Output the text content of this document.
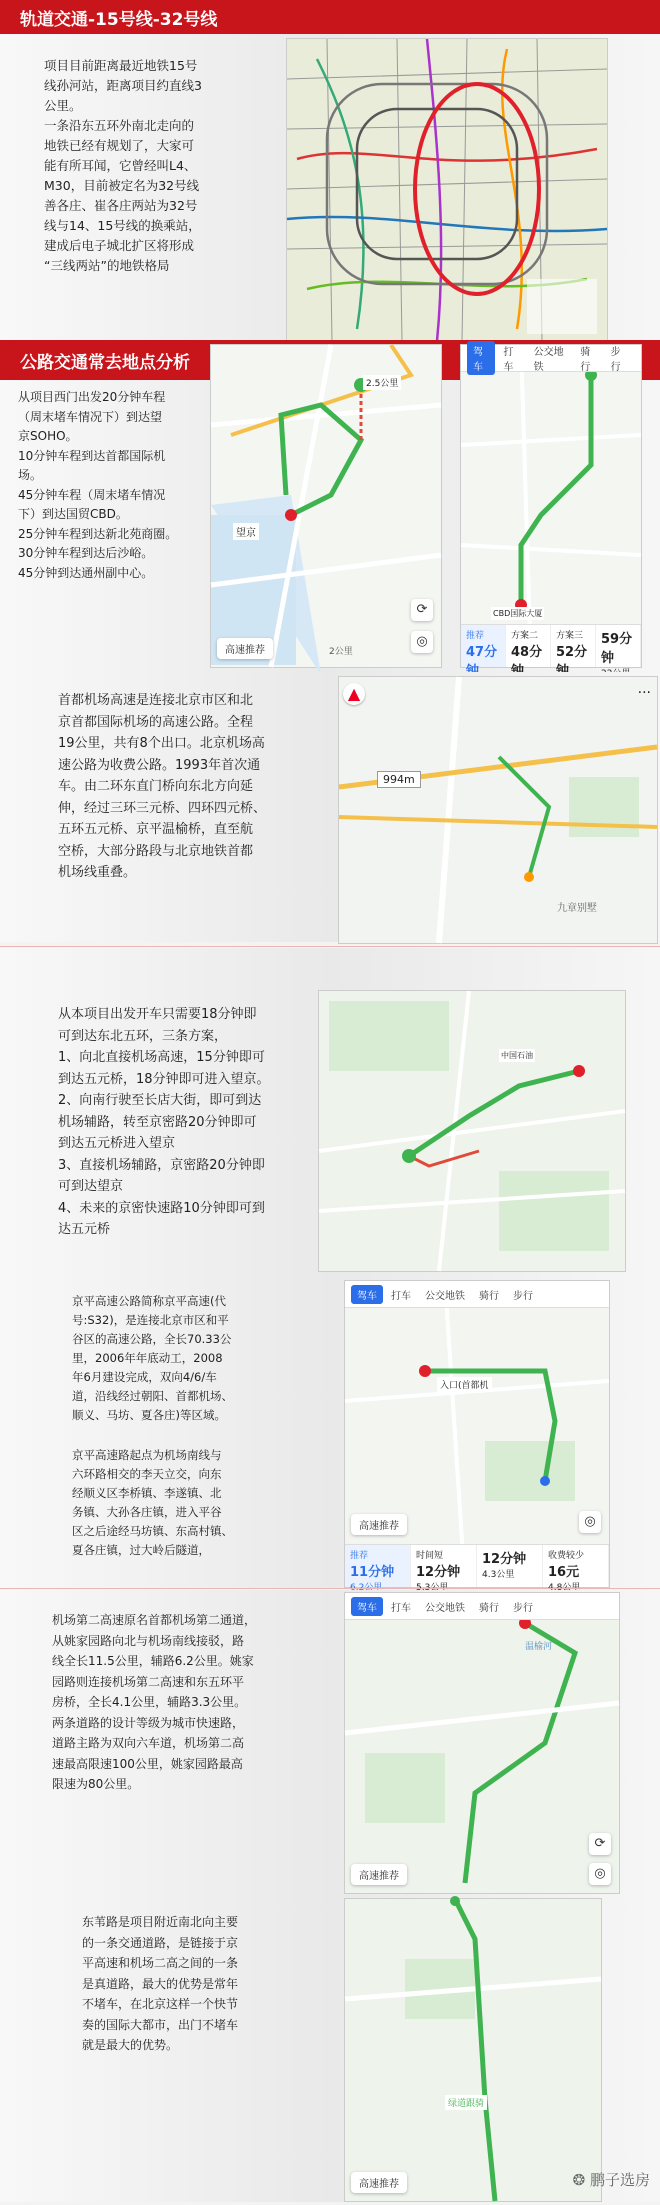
轨道交通-15号线-32号线
项目目前距离最近地铁15号
线孙河站，距离项目约直线3
公里。
一条沿东五环外南北走向的
地铁已经有规划了，大家可
能有所耳闻，它曾经叫L4、
M30，目前被定名为32号线
善各庄、崔各庄两站为32号
线与14、15号线的换乘站，
建成后电子城北扩区将形成
“三线两站”的地铁格局
公路交通常去地点分析
从项目西门出发20分钟车程
（周末堵车情况下）到达望
京SOHO。
10分钟车程到达首都国际机
场。
45分钟车程（周末堵车情况
下）到达国贸CBD。
25分钟车程到达新北苑商圈。
30分钟车程到达后沙峪。
45分钟到达通州副中心。
望京
2.5公里
高速推荐	2公里
⟳
◎
驾车
打车
公交地铁
骑行
步行
CBD国际大厦
推荐
47分
方案二
48分
方案三
52分
59分钟
首都机场高速是连接北京市区和北
京首都国际机场的高速公路。全程
19公里，共有8个出口。北京机场高
速公路为收费公路。1993年首次通
车。由二环东直门桥向东北方向延
伸，经过三环三元桥、四环四元桥、
五环五元桥、京平温榆桥，直至航
空桥，大部分路段与北京地铁首都
机场线重叠。
▲	···
994m
九章别墅
从本项目出发开车只需要18分钟即
可到达东北五环，三条方案，
1、向北直接机场高速，15分钟即可
到达五元桥，18分钟即可进入望京。
2、向南行驶至长店大街，即可到达
机场辅路，转至京密路20分钟即可
到达五元桥进入望京
3、直接机场辅路，京密路20分钟即
可到达望京
4、未来的京密快速路10分钟即可到
达五元桥
中国石油
京平高速公路简称京平高速(代
号:S32)，是连接北京市区和平
谷区的高速公路，全长70.33公
里，2006年年底动工，2008
年6月建设完成，双向4/6/车
道，沿线经过朝阳、首都机场、
顺义、马坊、夏各庄)等区域。
京平高速路起点为机场南线与
六环路相交的李天立交，向东
经顺义区李桥镇、李遂镇、北
务镇、大孙各庄镇，进入平谷
区之后途经马坊镇、东高村镇、
夏各庄镇，过大岭后隧道，
驾车	打车 公交地铁 骑行 步行
入口(首都机
高速推荐	◎
推荐
11分钟
时间短
12分钟
12分钟
4.3公里
收费较少
16元
机场第二高速原名首都机场第二通道，
从姚家园路向北与机场南线接驳，路
线全长11.5公里，辅路6.2公里。姚家
园路则连接机场第二高速和东五环平
房桥，全长4.1公里，辅路3.3公里。
两条道路的设计等级为城市快速路，
道路主路为双向六车道，机场第二高
速最高限速100公里，姚家园路最高
限速为80公里。
驾车	打车 公交地铁 骑行 步行
温榆河
高速推荐
⟳
◎
东苇路是项目附近南北向主要
的一条交通道路，是链接于京
平高速和机场二高之间的一条
是真道路，最大的优势是常年
不堵车，在北京这样一个快节
奏的国际大都市，出门不堵车
就是最大的优势。
绿道跟骑
高速推荐	❂ 鹏子选房
